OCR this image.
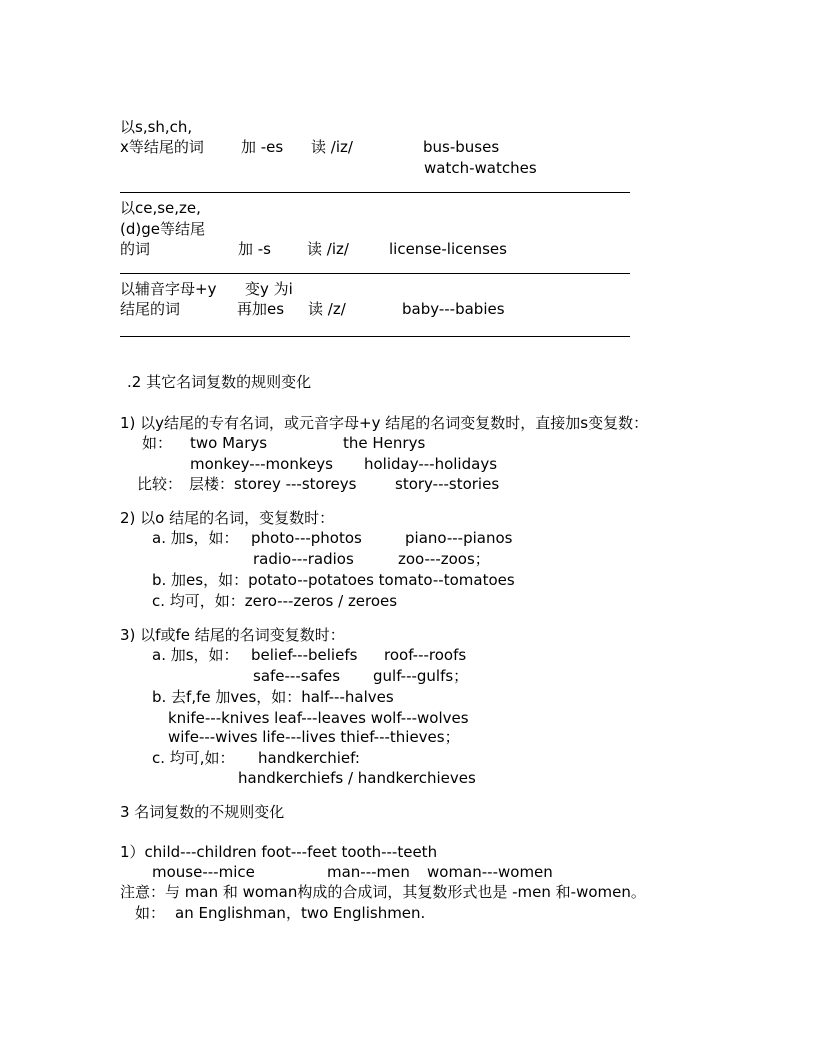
以s,sh,ch,
x等结尾的词 加 -es 读 /iz/	bus-buses
watch-watches
以ce,se,ze,
(d)ge等结尾
的词	加 -s 读 /iz/	license-licenses
以辅音字母+y 变y 为i
结尾的词	再加es 读 /z/	baby---babies
.2 其它名词复数的规则变化
1) 以y结尾的专有名词，或元音字母+y 结尾的名词变复数时，直接加s变复数：
如： two Marys	the Henrys
monkey---monkeys holiday---holidays
比较： 层楼：storey ---storeys	story---stories
2) 以o 结尾的名词，变复数时：
a. 加s，如： photo---photos	piano---pianos
radio---radios	zoo---zoos；
b. 加es，如：potato--potatoes tomato--tomatoes
c. 均可，如：zero---zeros / zeroes
3) 以f或fe 结尾的名词变复数时：
a. 加s，如： belief---beliefs roof---roofs
safe---safes gulf---gulfs；
b. 去f,fe 加ves，如：half---halves
knife---knives leaf---leaves wolf---wolves
wife---wives life---lives thief---thieves；
c. 均可,如： handkerchief:
handkerchiefs / handkerchieves
3 名词复数的不规则变化
1）child---children foot---feet tooth---teeth
mouse---mice	man---men woman---women
注意：与 man 和 woman构成的合成词，其复数形式也是 -men 和-women。
如： an Englishman，two Englishmen.
